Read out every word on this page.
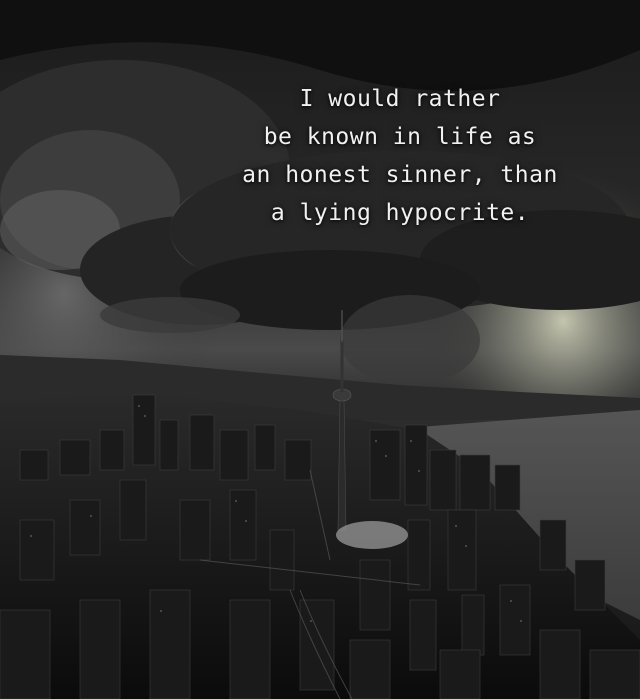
I would rather
be known in life as
an honest sinner, than
a lying hypocrite.
